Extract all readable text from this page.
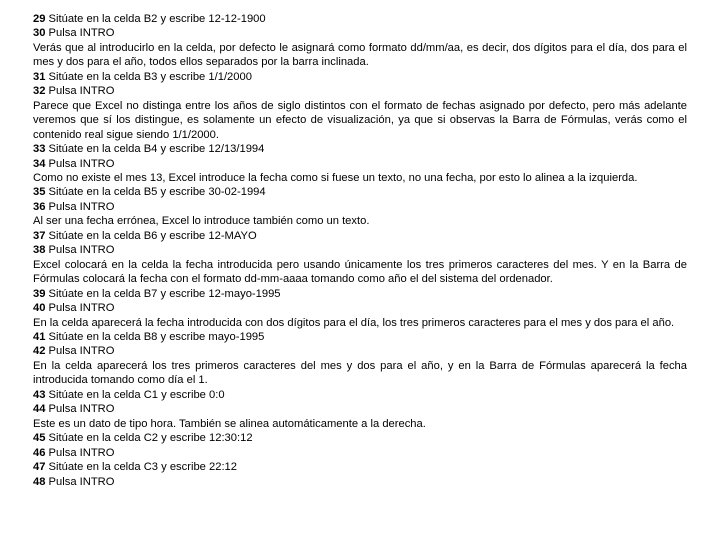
29 Sitúate en la celda B2 y escribe 12-12-1900
30 Pulsa INTRO
Verás que al introducirlo en la celda, por defecto le asignará como formato dd/mm/aa, es decir, dos dígitos para el día, dos para el mes y dos para el año, todos ellos separados por la barra inclinada.
31 Sitúate en la celda B3 y escribe 1/1/2000
32 Pulsa INTRO
Parece que Excel no distinga entre los años de siglo distintos con el formato de fechas asignado por defecto, pero más adelante veremos que sí los distingue, es solamente un efecto de visualización, ya que si observas la Barra de Fórmulas, verás como el contenido real sigue siendo 1/1/2000.
33 Sitúate en la celda B4 y escribe 12/13/1994
34 Pulsa INTRO
Como no existe el mes 13, Excel introduce la fecha como si fuese un texto, no una fecha, por esto lo alinea a la izquierda.
35 Sitúate en la celda B5 y escribe 30-02-1994
36 Pulsa INTRO
Al ser una fecha errónea, Excel lo introduce también como un texto.
37 Sitúate en la celda B6 y escribe 12-MAYO
38 Pulsa INTRO
Excel colocará en la celda la fecha introducida pero usando únicamente los tres primeros caracteres del mes. Y en la Barra de Fórmulas colocará la fecha con el formato dd-mm-aaaa tomando como año el del sistema del ordenador.
39 Sitúate en la celda B7 y escribe 12-mayo-1995
40 Pulsa INTRO
En la celda aparecerá la fecha introducida con dos dígitos para el día, los tres primeros caracteres para el mes y dos para el año.
41 Sitúate en la celda B8 y escribe mayo-1995
42 Pulsa INTRO
En la celda aparecerá los tres primeros caracteres del mes y dos para el año, y en la Barra de Fórmulas aparecerá la fecha introducida tomando como día el 1.
43 Sitúate en la celda C1 y escribe 0:0
44 Pulsa INTRO
Este es un dato de tipo hora. También se alinea automáticamente a la derecha.
45 Sitúate en la celda C2 y escribe 12:30:12
46 Pulsa INTRO
47 Sitúate en la celda C3 y escribe 22:12
48 Pulsa INTRO
